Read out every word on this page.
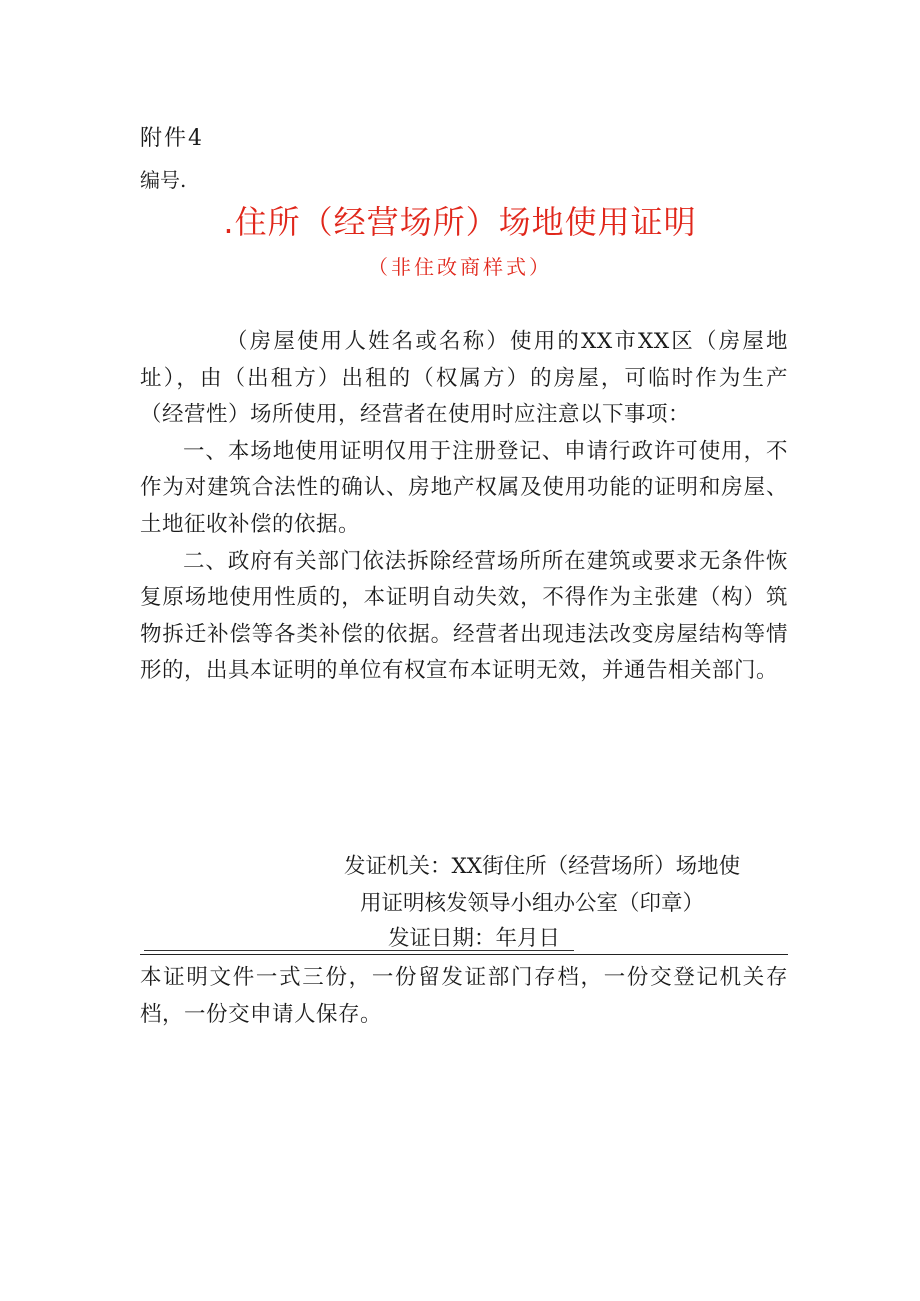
附件4
编号.
.住所（经营场所）场地使用证明
（非住改商样式）

（房屋使用人姓名或名称）使用的XX市XX区（房屋地址），由（出租方）出租的（权属方）的房屋，可临时作为生产（经营性）场所使用，经营者在使用时应注意以下事项：

一、本场地使用证明仅用于注册登记、申请行政许可使用，不作为对建筑合法性的确认、房地产权属及使用功能的证明和房屋、土地征收补偿的依据。

二、政府有关部门依法拆除经营场所所在建筑或要求无条件恢复原场地使用性质的，本证明自动失效，不得作为主张建（构）筑物拆迁补偿等各类补偿的依据。经营者出现违法改变房屋结构等情形的，出具本证明的单位有权宣布本证明无效，并通告相关部门。

发证机关：XX街住所（经营场所）场地使
用证明核发领导小组办公室（印章）
发证日期：年月日
本证明文件一式三份，一份留发证部门存档，一份交登记机关存档，一份交申请人保存。
